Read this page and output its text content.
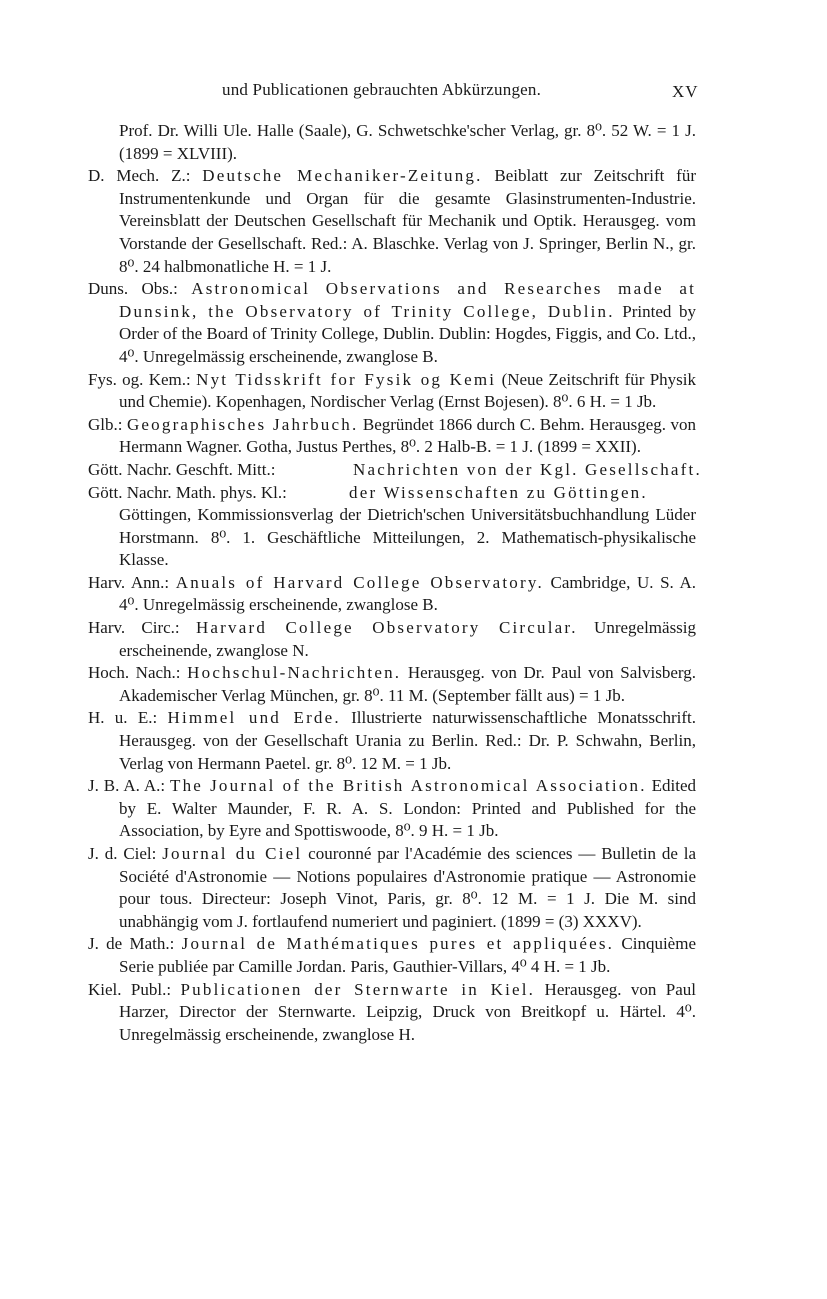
und Publicationen gebrauchten Abkürzungen.	XV
Prof. Dr. Willi Ule. Halle (Saale), G. Schwetschke'scher Verlag, gr. 8⁰. 52 W. = 1 J. (1899 = XLVIII).
D. Mech. Z.: Deutsche Mechaniker-Zeitung. Beiblatt zur Zeitschrift für Instrumentenkunde und Organ für die gesamte Glasinstrumenten-Industrie. Vereinsblatt der Deutschen Gesellschaft für Mechanik und Optik. Herausgeg. vom Vorstande der Gesellschaft. Red.: A. Blaschke. Verlag von J. Springer, Berlin N., gr. 8⁰. 24 halbmonatliche H. = 1 J.
Duns. Obs.: Astronomical Observations and Researches made at Dunsink, the Observatory of Trinity College, Dublin. Printed by Order of the Board of Trinity College, Dublin. Dublin: Hogdes, Figgis, and Co. Ltd., 4⁰. Unregelmässig erscheinende, zwanglose B.
Fys. og. Kem.: Nyt Tidsskrift for Fysik og Kemi (Neue Zeitschrift für Physik und Chemie). Kopenhagen, Nordischer Verlag (Ernst Bojesen). 8⁰. 6 H. = 1 Jb.
Glb.: Geographisches Jahrbuch. Begründet 1866 durch C. Behm. Herausgeg. von Hermann Wagner. Gotha, Justus Perthes, 8⁰. 2 Halb-B. = 1 J. (1899 = XXII).
Gött. Nachr. Geschft. Mitt.:	Nachrichten von der Kgl. Gesellschaft.
Gött. Nachr. Math. phys. Kl.:	der Wissenschaften zu Göttingen.
Göttingen, Kommissionsverlag der Dietrich'schen Universitätsbuchhandlung Lüder Horstmann. 8⁰. 1. Geschäftliche Mitteilungen, 2. Mathematisch-physikalische Klasse.
Harv. Ann.: Anuals of Harvard College Observatory. Cambridge, U. S. A. 4⁰. Unregelmässig erscheinende, zwanglose B.
Harv. Circ.: Harvard College Observatory Circular. Unregelmässig erscheinende, zwanglose N.
Hoch. Nach.: Hochschul-Nachrichten. Herausgeg. von Dr. Paul von Salvisberg. Akademischer Verlag München, gr. 8⁰. 11 M. (September fällt aus) = 1 Jb.
H. u. E.: Himmel und Erde. Illustrierte naturwissenschaftliche Monatsschrift. Herausgeg. von der Gesellschaft Urania zu Berlin. Red.: Dr. P. Schwahn, Berlin, Verlag von Hermann Paetel. gr. 8⁰. 12 M. = 1 Jb.
J. B. A. A.: The Journal of the British Astronomical Association. Edited by E. Walter Maunder, F. R. A. S. London: Printed and Published for the Association, by Eyre and Spottiswoode, 8⁰. 9 H. = 1 Jb.
J. d. Ciel: Journal du Ciel couronné par l'Académie des sciences — Bulletin de la Société d'Astronomie — Notions populaires d'Astronomie pratique — Astronomie pour tous. Directeur: Joseph Vinot, Paris, gr. 8⁰. 12 M. = 1 J. Die M. sind unabhängig vom J. fortlaufend numeriert und paginiert. (1899 = (3) XXXV).
J. de Math.: Journal de Mathématiques pures et appliquées. Cinquième Serie publiée par Camille Jordan. Paris, Gauthier-Villars, 4⁰ 4 H. = 1 Jb.
Kiel. Publ.: Publicationen der Sternwarte in Kiel. Herausgeg. von Paul Harzer, Director der Sternwarte. Leipzig, Druck von Breitkopf u. Härtel. 4⁰. Unregelmässig erscheinende, zwanglose H.
